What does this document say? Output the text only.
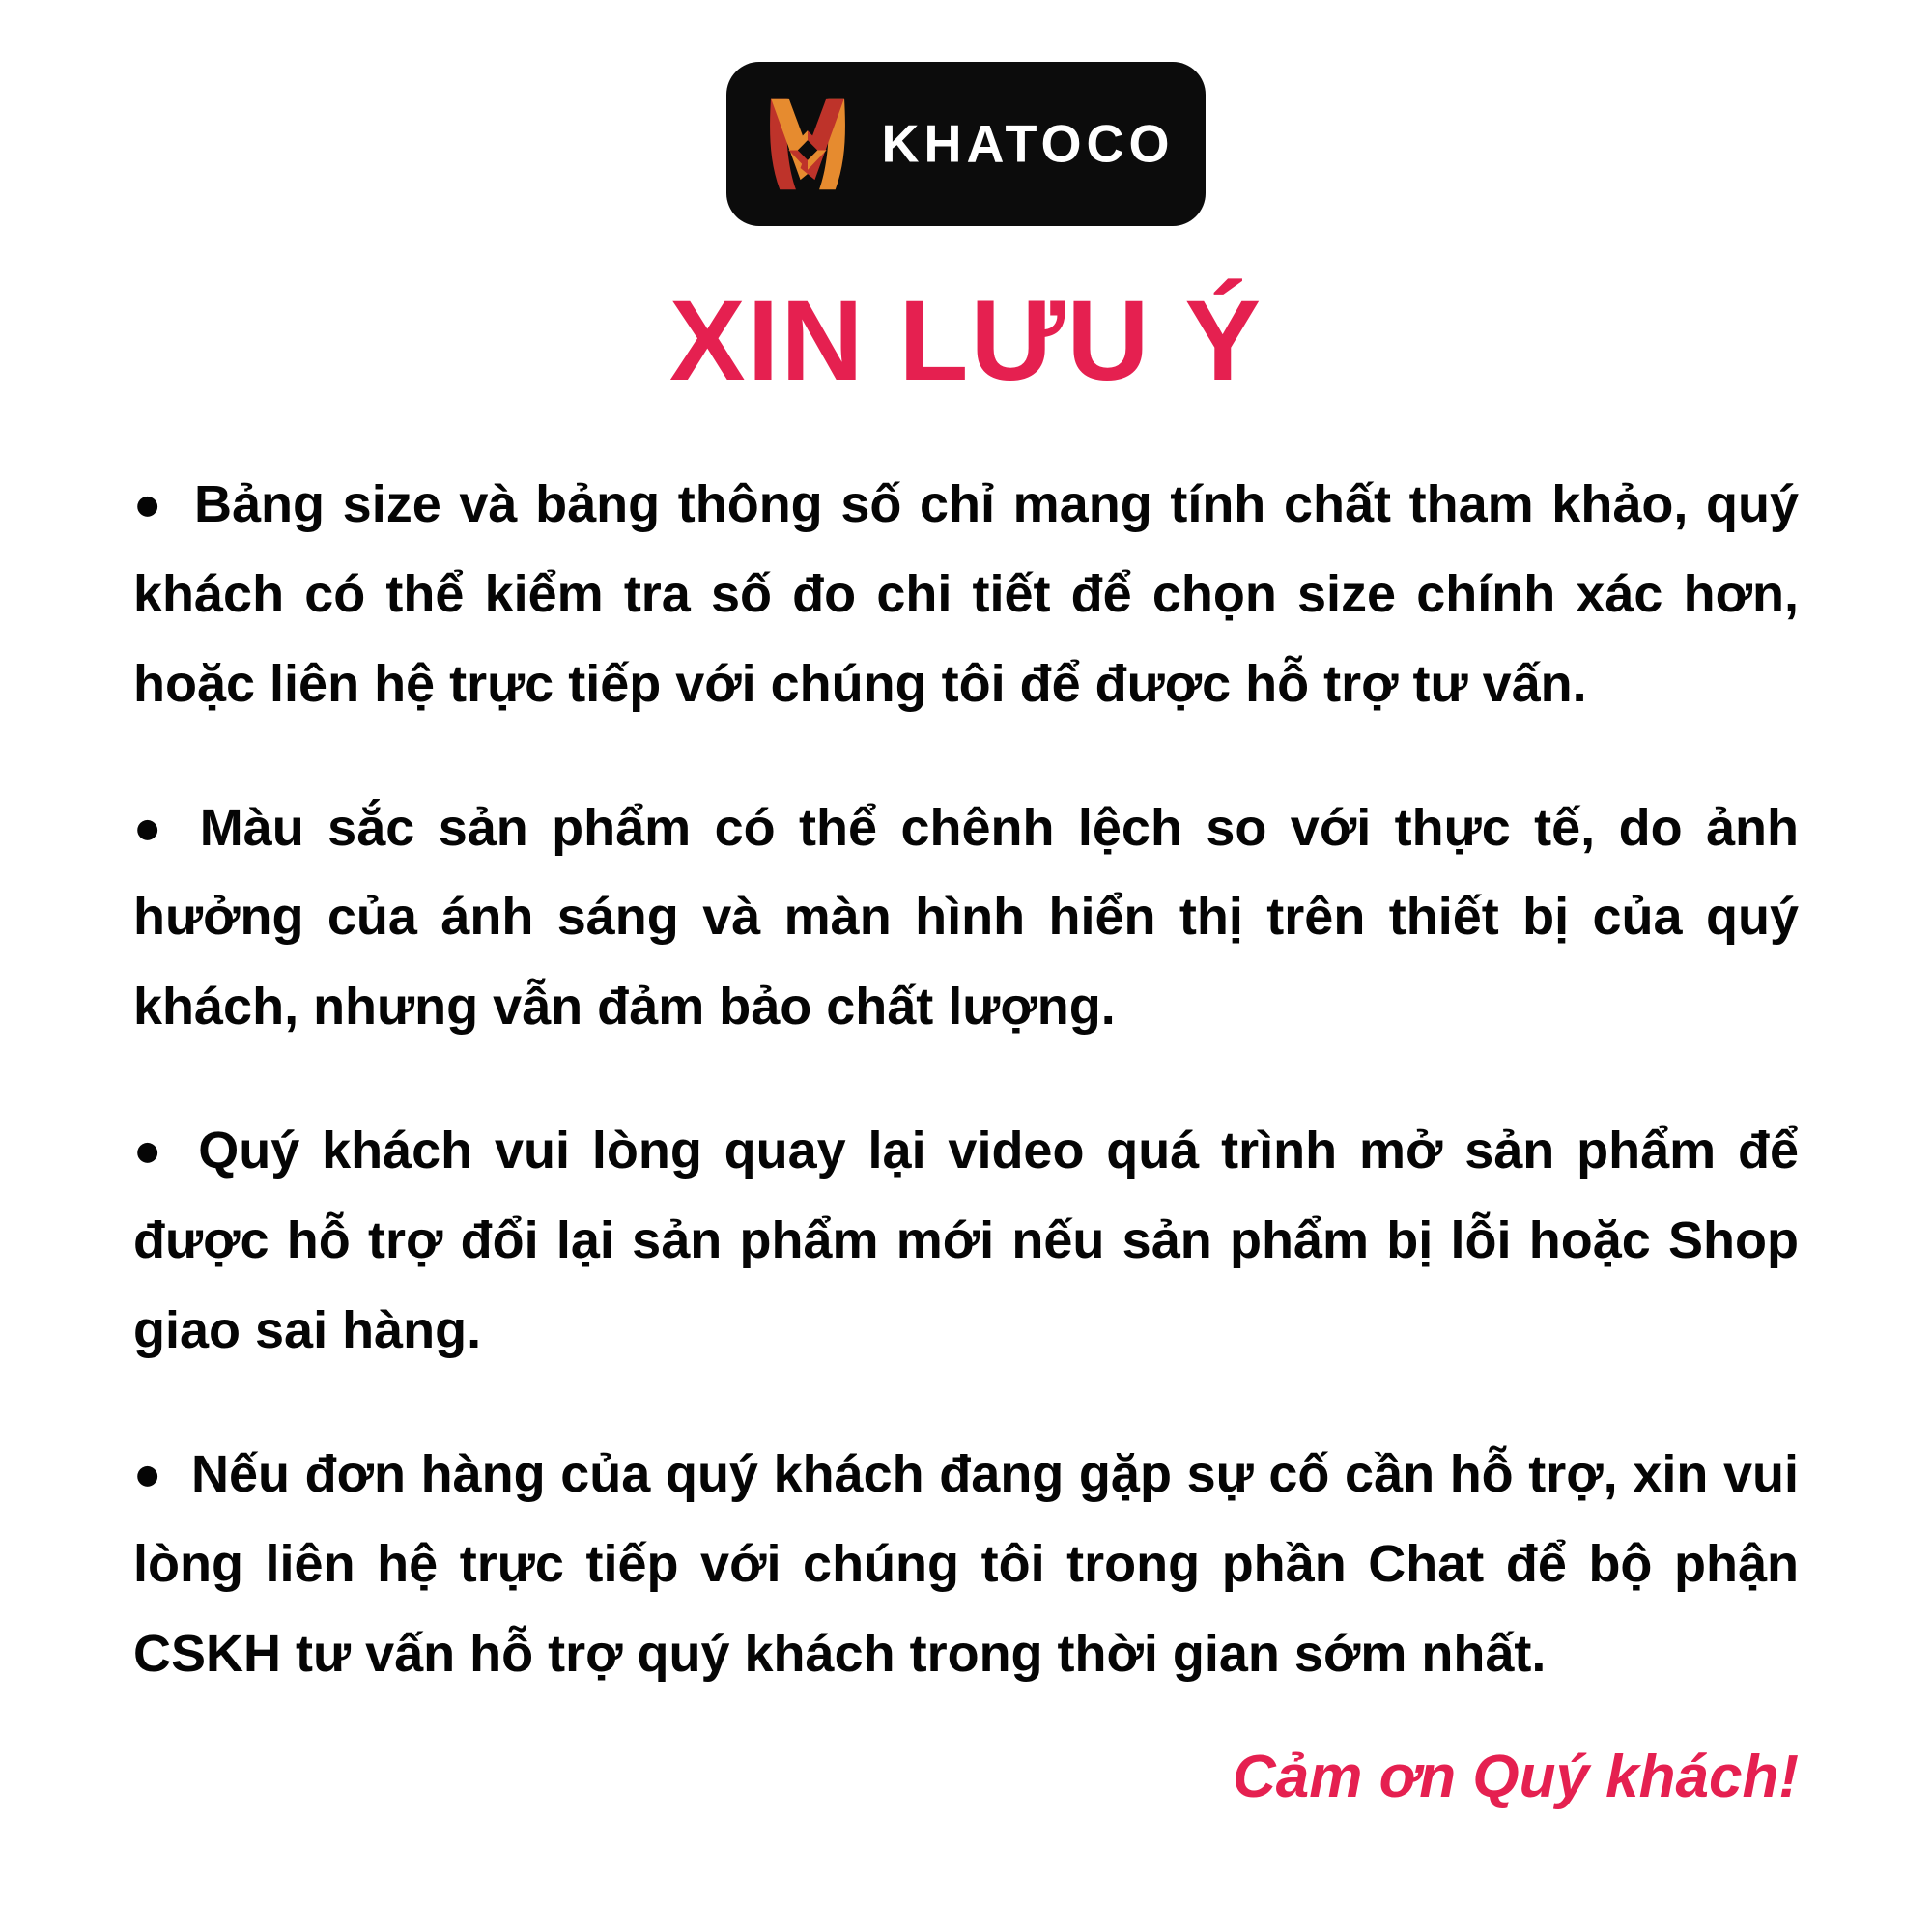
KHATOCO
XIN LƯU Ý

● Bảng size và bảng thông số chỉ mang tính chất tham khảo, quý khách có thể kiểm tra số đo chi tiết để chọn size chính xác hơn, hoặc liên hệ trực tiếp với chúng tôi để được hỗ trợ tư vấn.

● Màu sắc sản phẩm có thể chênh lệch so với thực tế, do ảnh hưởng của ánh sáng và màn hình hiển thị trên thiết bị của quý khách, nhưng vẫn đảm bảo chất lượng.

● Quý khách vui lòng quay lại video quá trình mở sản phẩm để được hỗ trợ đổi lại sản phẩm mới nếu sản phẩm bị lỗi hoặc Shop giao sai hàng.

● Nếu đơn hàng của quý khách đang gặp sự cố cần hỗ trợ, xin vui lòng liên hệ trực tiếp với chúng tôi trong phần Chat để bộ phận CSKH tư vấn hỗ trợ quý khách trong thời gian sớm nhất.

Cảm ơn Quý khách!
